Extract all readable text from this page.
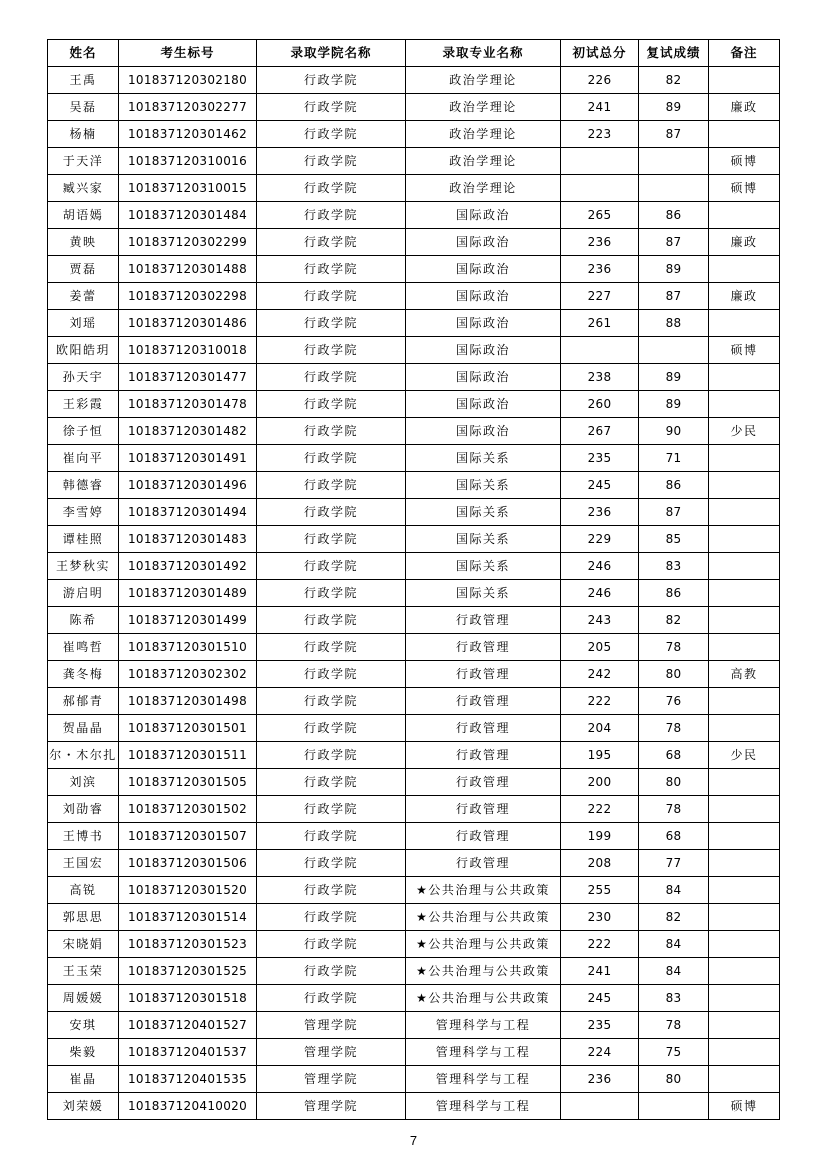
姓名	考生标号	录取学院名称	录取专业名称	初试总分	复试成绩	备注
王禹	101837120302180	行政学院	政治学理论	226	82	
吴磊	101837120302277	行政学院	政治学理论	241	89	廉政
杨楠	101837120301462	行政学院	政治学理论	223	87	
于天洋	101837120310016	行政学院	政治学理论			硕博
臧兴家	101837120310015	行政学院	政治学理论			硕博
胡语嫣	101837120301484	行政学院	国际政治	265	86	
黄映	101837120302299	行政学院	国际政治	236	87	廉政
贾磊	101837120301488	行政学院	国际政治	236	89	
姜蕾	101837120302298	行政学院	国际政治	227	87	廉政
刘瑶	101837120301486	行政学院	国际政治	261	88	
欧阳皓玥	101837120310018	行政学院	国际政治			硕博
孙天宇	101837120301477	行政学院	国际政治	238	89	
王彩霞	101837120301478	行政学院	国际政治	260	89	
徐子恒	101837120301482	行政学院	国际政治	267	90	少民
崔向平	101837120301491	行政学院	国际关系	235	71	
韩德睿	101837120301496	行政学院	国际关系	245	86	
李雪婷	101837120301494	行政学院	国际关系	236	87	
谭桂照	101837120301483	行政学院	国际关系	229	85	
王梦秋实	101837120301492	行政学院	国际关系	246	83	
游启明	101837120301489	行政学院	国际关系	246	86	
陈希	101837120301499	行政学院	行政管理	243	82	
崔鸣哲	101837120301510	行政学院	行政管理	205	78	
龚冬梅	101837120302302	行政学院	行政管理	242	80	高教
郝郁青	101837120301498	行政学院	行政管理	222	76	
贺晶晶	101837120301501	行政学院	行政管理	204	78	
尔・木尔扎	101837120301511	行政学院	行政管理	195	68	少民
刘滨	101837120301505	行政学院	行政管理	200	80	
刘劭睿	101837120301502	行政学院	行政管理	222	78	
王博书	101837120301507	行政学院	行政管理	199	68	
王国宏	101837120301506	行政学院	行政管理	208	77	
高锐	101837120301520	行政学院	★公共治理与公共政策	255	84	
郭思思	101837120301514	行政学院	★公共治理与公共政策	230	82	
宋晓娟	101837120301523	行政学院	★公共治理与公共政策	222	84	
王玉荣	101837120301525	行政学院	★公共治理与公共政策	241	84	
周媛媛	101837120301518	行政学院	★公共治理与公共政策	245	83	
安琪	101837120401527	管理学院	管理科学与工程	235	78	
柴毅	101837120401537	管理学院	管理科学与工程	224	75	
崔晶	101837120401535	管理学院	管理科学与工程	236	80	
刘荣媛	101837120410020	管理学院	管理科学与工程			硕博
7
